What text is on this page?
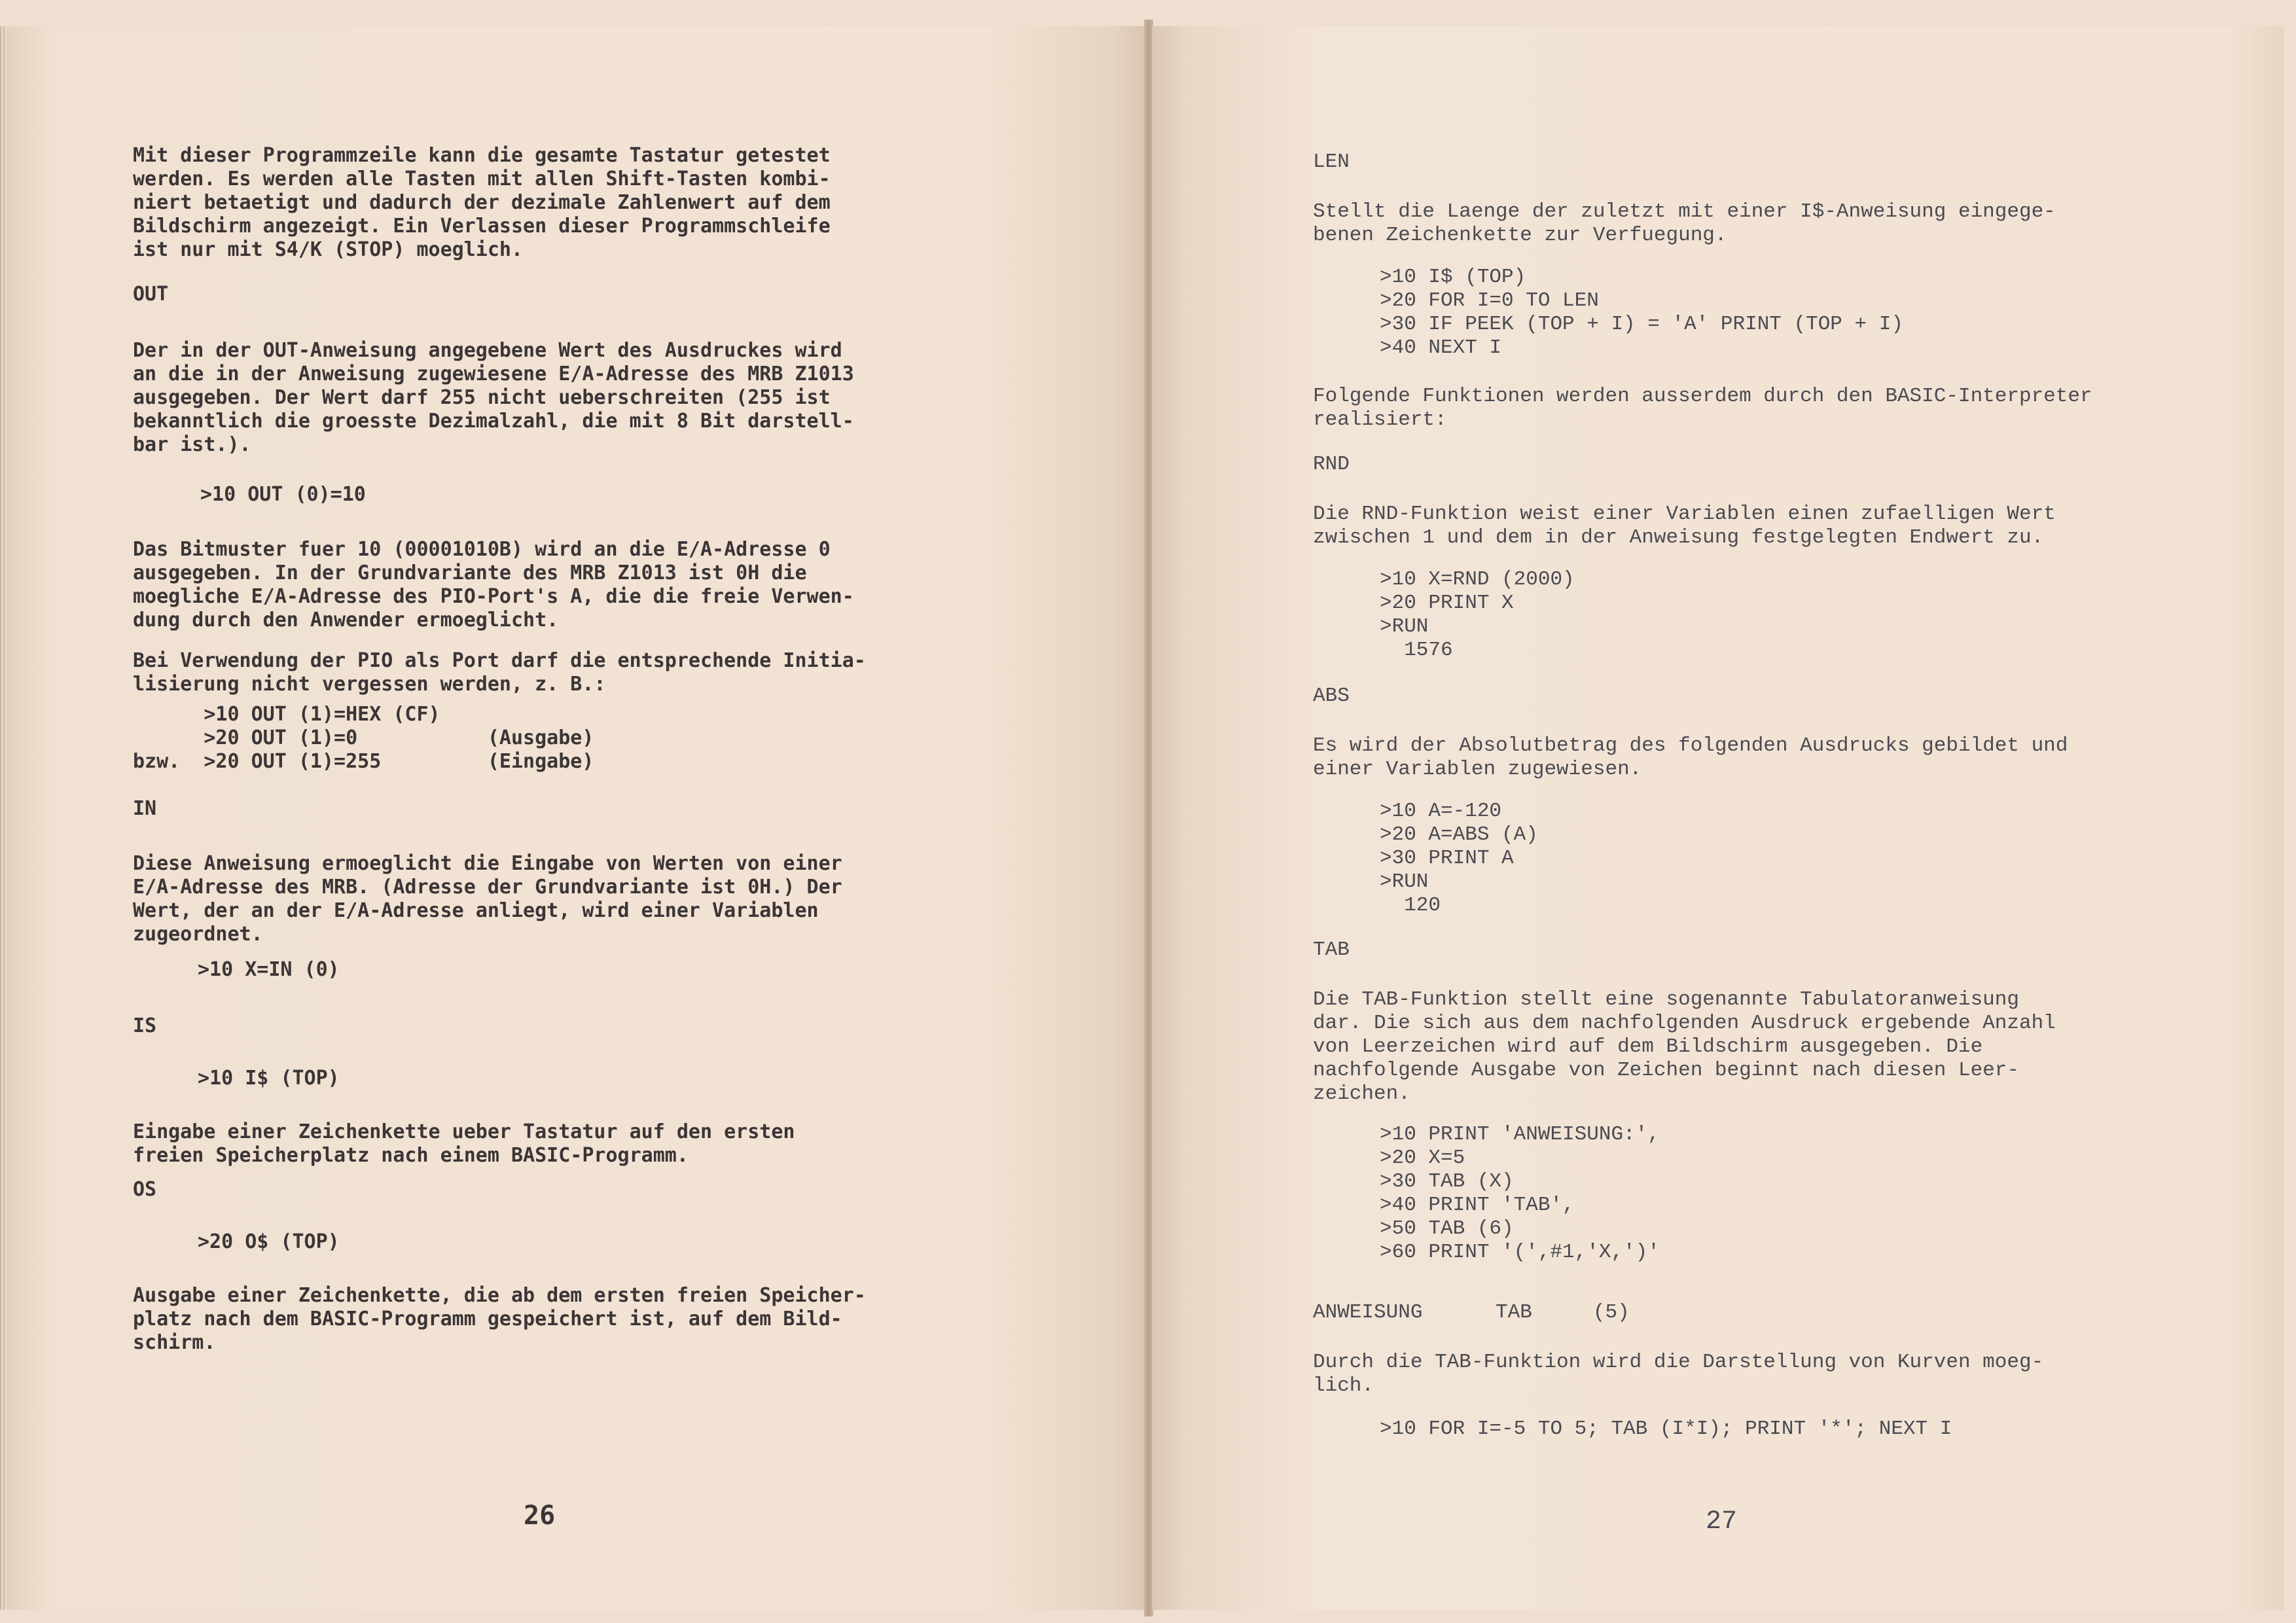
Mit dieser Programmzeile kann die gesamte Tastatur getestet
werden. Es werden alle Tasten mit allen Shift-Tasten kombi-
niert betaetigt und dadurch der dezimale Zahlenwert auf dem
Bildschirm angezeigt. Ein Verlassen dieser Programmschleife
ist nur mit S4/K (STOP) moeglich.
OUT
Der in der OUT-Anweisung angegebene Wert des Ausdruckes wird
an die in der Anweisung zugewiesene E/A-Adresse des MRB Z1013
ausgegeben. Der Wert darf 255 nicht ueberschreiten (255 ist
bekanntlich die groesste Dezimalzahl, die mit 8 Bit darstell-
bar ist.).
>10 OUT (0)=10
Das Bitmuster fuer 10 (00001010B) wird an die E/A-Adresse 0
ausgegeben. In der Grundvariante des MRB Z1013 ist 0H die
moegliche E/A-Adresse des PIO-Port's A, die die freie Verwen-
dung durch den Anwender ermoeglicht.
Bei Verwendung der PIO als Port darf die entsprechende Initia-
lisierung nicht vergessen werden, z. B.:
>10 OUT (1)=HEX (CF)
>20 OUT (1)=0           (Ausgabe)
bzw.  >20 OUT (1)=255         (Eingabe)
IN
Diese Anweisung ermoeglicht die Eingabe von Werten von einer
E/A-Adresse des MRB. (Adresse der Grundvariante ist 0H.) Der
Wert, der an der E/A-Adresse anliegt, wird einer Variablen
zugeordnet.
>10 X=IN (0)
IS
>10 I$ (TOP)
Eingabe einer Zeichenkette ueber Tastatur auf den ersten
freien Speicherplatz nach einem BASIC-Programm.
OS
>20 O$ (TOP)
Ausgabe einer Zeichenkette, die ab dem ersten freien Speicher-
platz nach dem BASIC-Programm gespeichert ist, auf dem Bild-
schirm.
26
LEN
Stellt die Laenge der zuletzt mit einer I$-Anweisung eingege-
benen Zeichenkette zur Verfuegung.
>10 I$ (TOP)
>20 FOR I=0 TO LEN
>30 IF PEEK (TOP + I) = 'A' PRINT (TOP + I)
>40 NEXT I
Folgende Funktionen werden ausserdem durch den BASIC-Interpreter
realisiert:
RND
Die RND-Funktion weist einer Variablen einen zufaelligen Wert
zwischen 1 und dem in der Anweisung festgelegten Endwert zu.
>10 X=RND (2000)
>20 PRINT X
>RUN
1576
ABS
Es wird der Absolutbetrag des folgenden Ausdrucks gebildet und
einer Variablen zugewiesen.
>10 A=-120
>20 A=ABS (A)
>30 PRINT A
>RUN
120
TAB
Die TAB-Funktion stellt eine sogenannte Tabulatoranweisung
dar. Die sich aus dem nachfolgenden Ausdruck ergebende Anzahl
von Leerzeichen wird auf dem Bildschirm ausgegeben. Die
nachfolgende Ausgabe von Zeichen beginnt nach diesen Leer-
zeichen.
>10 PRINT 'ANWEISUNG:',
>20 X=5
>30 TAB (X)
>40 PRINT 'TAB',
>50 TAB (6)
>60 PRINT '(',#1,'X,')'
ANWEISUNG      TAB     (5)
Durch die TAB-Funktion wird die Darstellung von Kurven moeg-
lich.
>10 FOR I=-5 TO 5; TAB (I*I); PRINT '*'; NEXT I
27
